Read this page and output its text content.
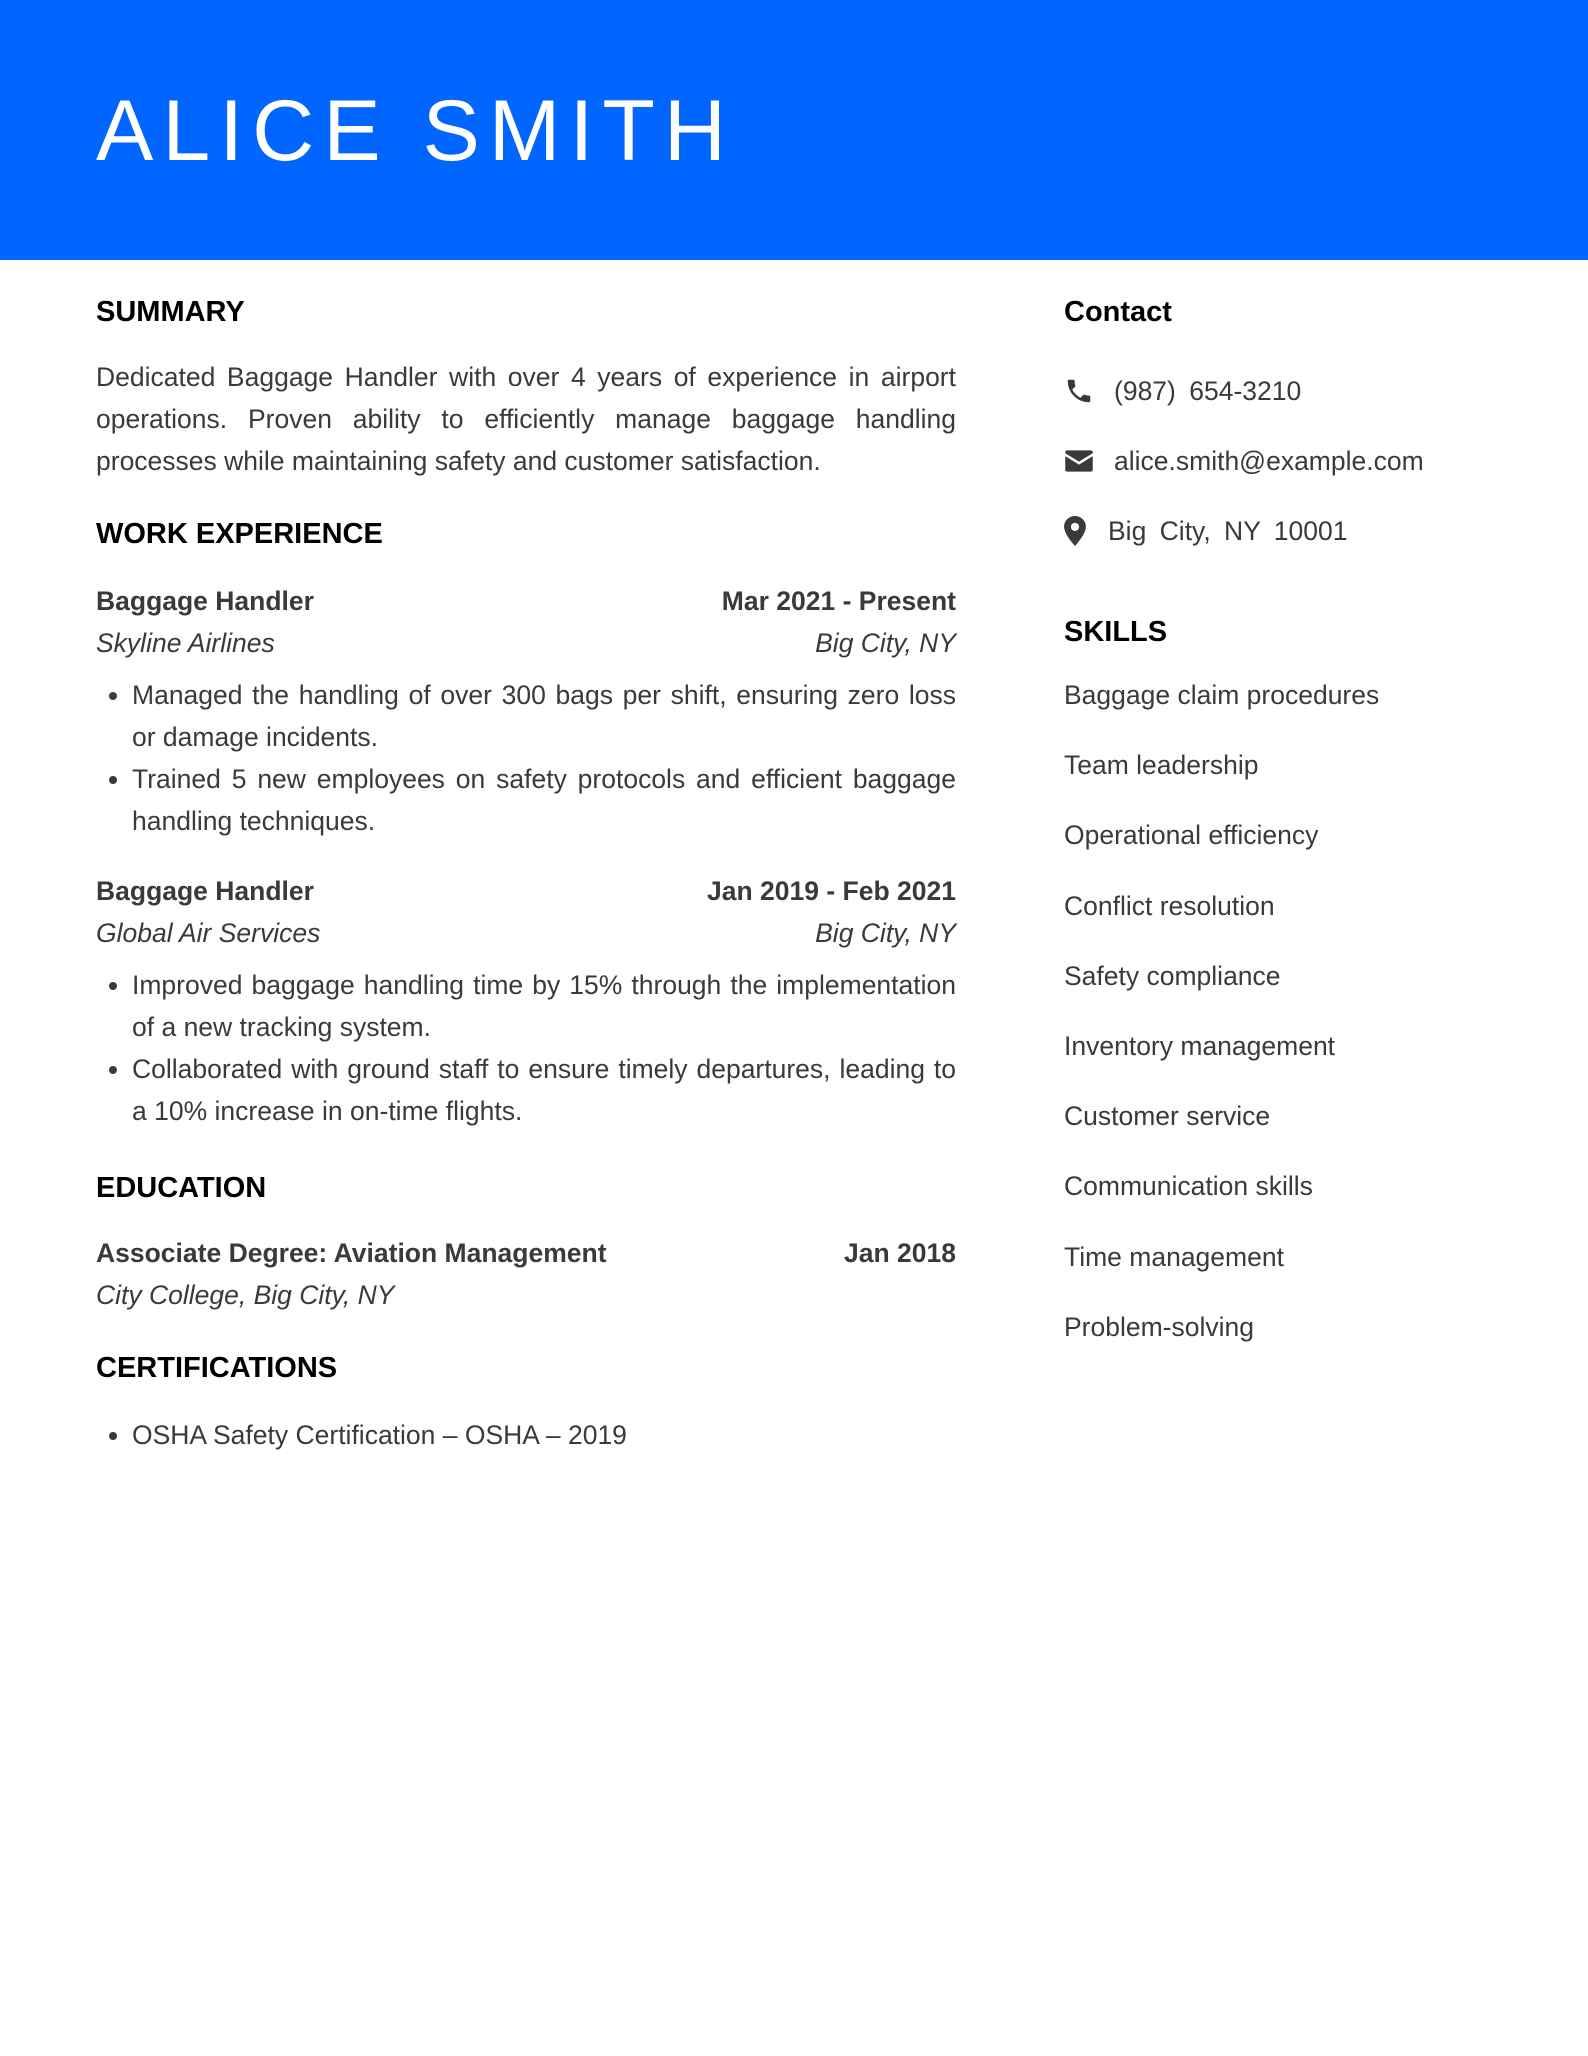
ALICE SMITH
SUMMARY

Dedicated Baggage Handler with over 4 years of experience in airport operations. Proven ability to efficiently manage baggage handling processes while maintaining safety and customer satisfaction.

WORK EXPERIENCE
Baggage Handler	Mar 2021 - Present
Skyline Airlines	Big City, NY
• Managed the handling of over 300 bags per shift, ensuring zero loss or damage incidents.
• Trained 5 new employees on safety protocols and efficient baggage handling techniques.
Baggage Handler	Jan 2019 - Feb 2021
Global Air Services	Big City, NY
• Improved baggage handling time by 15% through the implementation of a new tracking system.
• Collaborated with ground staff to ensure timely departures, leading to a 10% increase in on-time flights.
EDUCATION
Associate Degree: Aviation Management	Jan 2018
City College, Big City, NY
CERTIFICATIONS
• OSHA Safety Certification – OSHA – 2019
Contact
(987) 654-3210
alice.smith@example.com
Big City, NY 10001
SKILLS
Baggage claim procedures
Team leadership
Operational efficiency
Conflict resolution
Safety compliance
Inventory management
Customer service
Communication skills
Time management
Problem-solving
